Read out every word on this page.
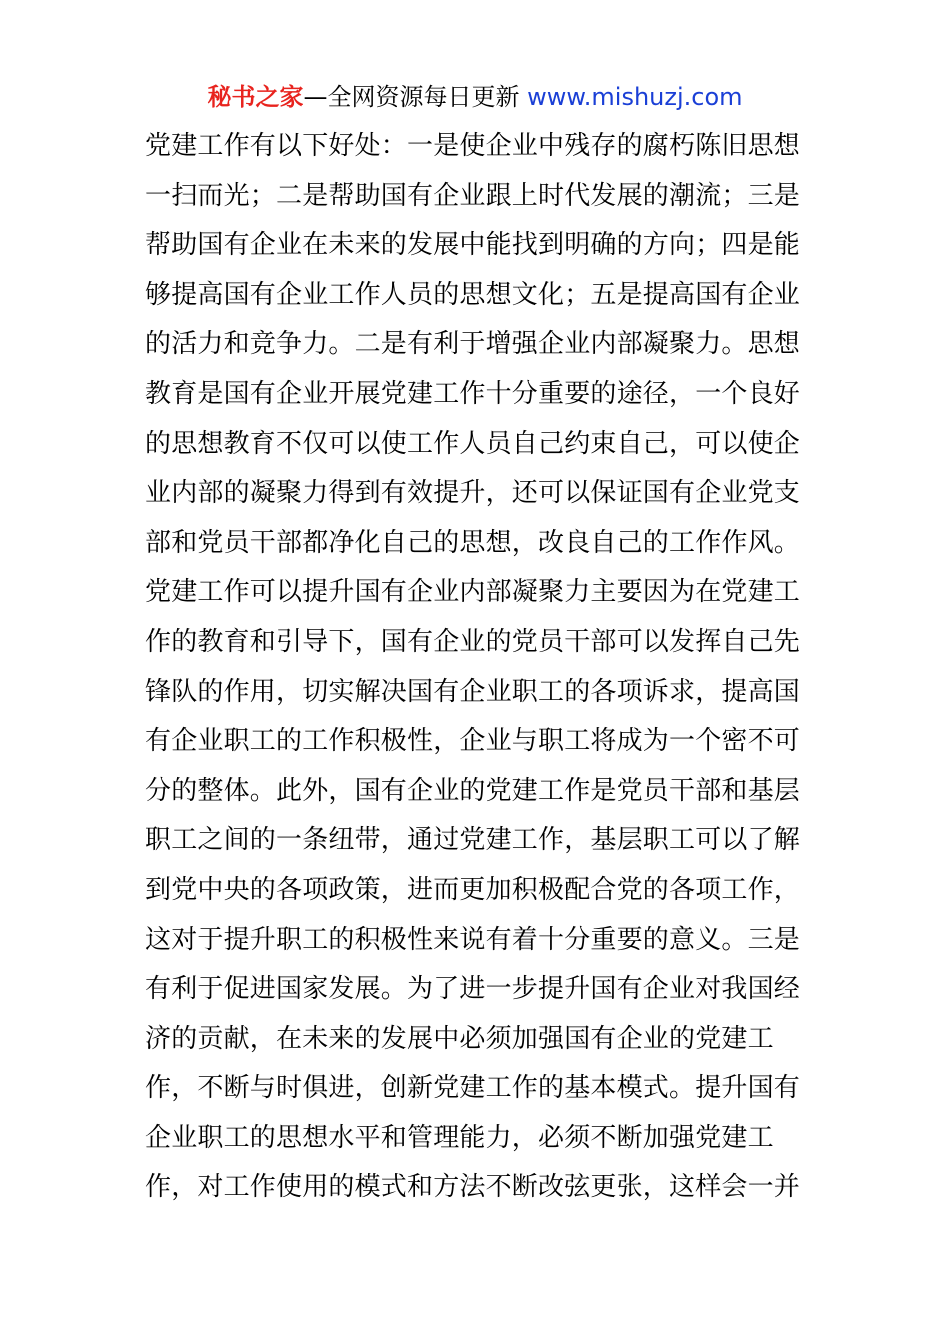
秘书之家—全网资源每日更新 www.mishuzj.com
党建工作有以下好处：一是使企业中残存的腐朽陈旧思想
一扫而光；二是帮助国有企业跟上时代发展的潮流；三是
帮助国有企业在未来的发展中能找到明确的方向；四是能
够提高国有企业工作人员的思想文化；五是提高国有企业
的活力和竞争力。二是有利于增强企业内部凝聚力。思想
教育是国有企业开展党建工作十分重要的途径，一个良好
的思想教育不仅可以使工作人员自己约束自己，可以使企
业内部的凝聚力得到有效提升，还可以保证国有企业党支
部和党员干部都净化自己的思想，改良自己的工作作风。
党建工作可以提升国有企业内部凝聚力主要因为在党建工
作的教育和引导下，国有企业的党员干部可以发挥自己先
锋队的作用，切实解决国有企业职工的各项诉求，提高国
有企业职工的工作积极性，企业与职工将成为一个密不可
分的整体。此外，国有企业的党建工作是党员干部和基层
职工之间的一条纽带，通过党建工作，基层职工可以了解
到党中央的各项政策，进而更加积极配合党的各项工作，
这对于提升职工的积极性来说有着十分重要的意义。三是
有利于促进国家发展。为了进一步提升国有企业对我国经
济的贡献，在未来的发展中必须加强国有企业的党建工
作，不断与时俱进，创新党建工作的基本模式。提升国有
企业职工的思想水平和管理能力，必须不断加强党建工
作，对工作使用的模式和方法不断改弦更张，这样会一并
